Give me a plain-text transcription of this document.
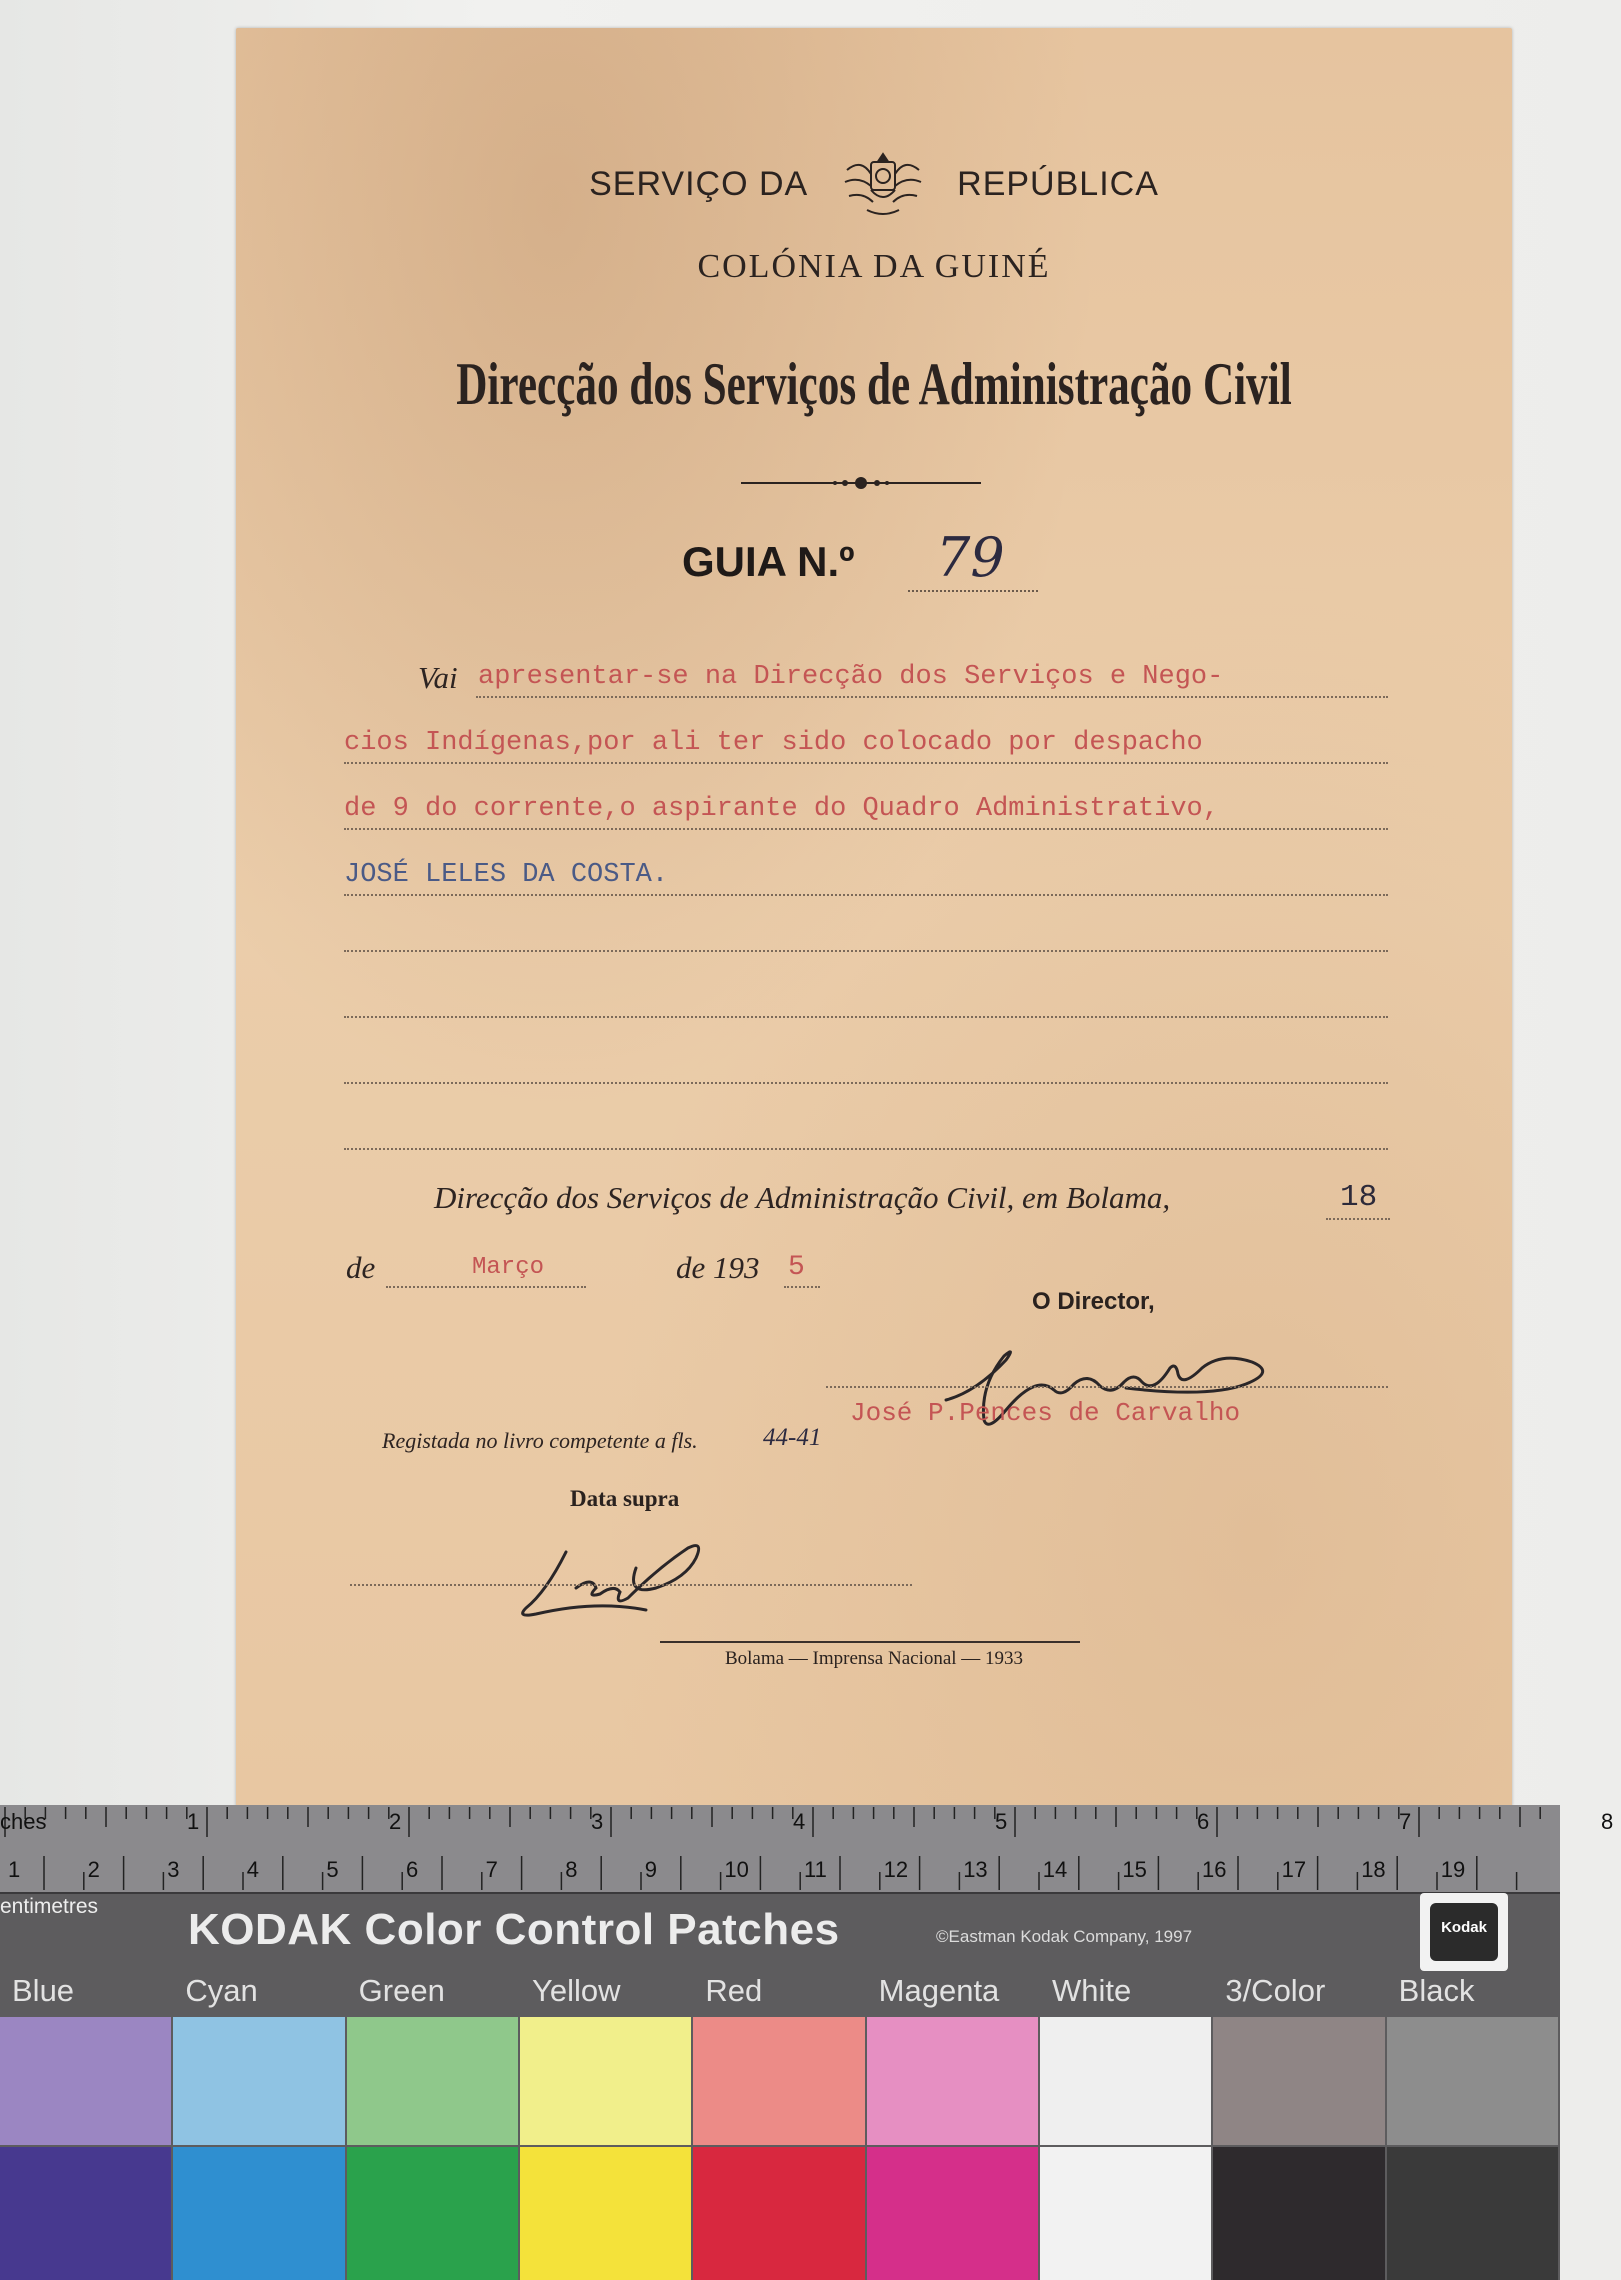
SERVIÇO DA	REPÚBLICA
COLÓNIA DA GUINÉ
Direcção dos Serviços de Administração Civil
GUIA N.º 79
Vai apresentar-se na Direcção dos Serviços e Nego-
cios Indígenas,por ali ter sido colocado por despacho
de 9 do corrente,o aspirante do Quadro Administrativo,
JOSÉ LELES DA COSTA.
Direcção dos Serviços de Administração Civil, em Bolama,	18
de	Março	de 193 5
O Director,
José P.Pences de Carvalho
Registada no livro competente a fls.	44-41
Data supra
Bolama — Imprensa Nacional — 1933
ches	1	2	3	4	5	6	7	8
1	2	3	4	5	6	7	8	9	10	11	12	13	14	15	16	17	18	19
entimetres KODAK Color Control Patches	©Eastman Kodak Company, 1997	Kodak
Blue	Cyan	Green	Yellow	Red	Magenta White	3/Color Black
